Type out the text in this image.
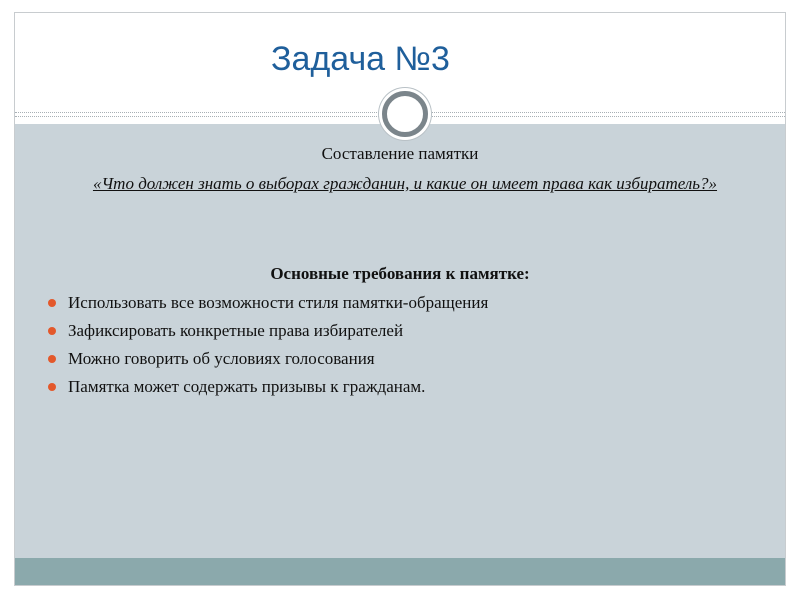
Задача №3

Составление памятки

«Что должен знать о выборах гражданин, и какие он имеет права как избиратель?»

Основные требования к памятке:

Использовать все возможности стиля памятки-обращения
Зафиксировать конкретные права избирателей
Можно говорить об условиях голосования
Памятка может содержать призывы к гражданам.
